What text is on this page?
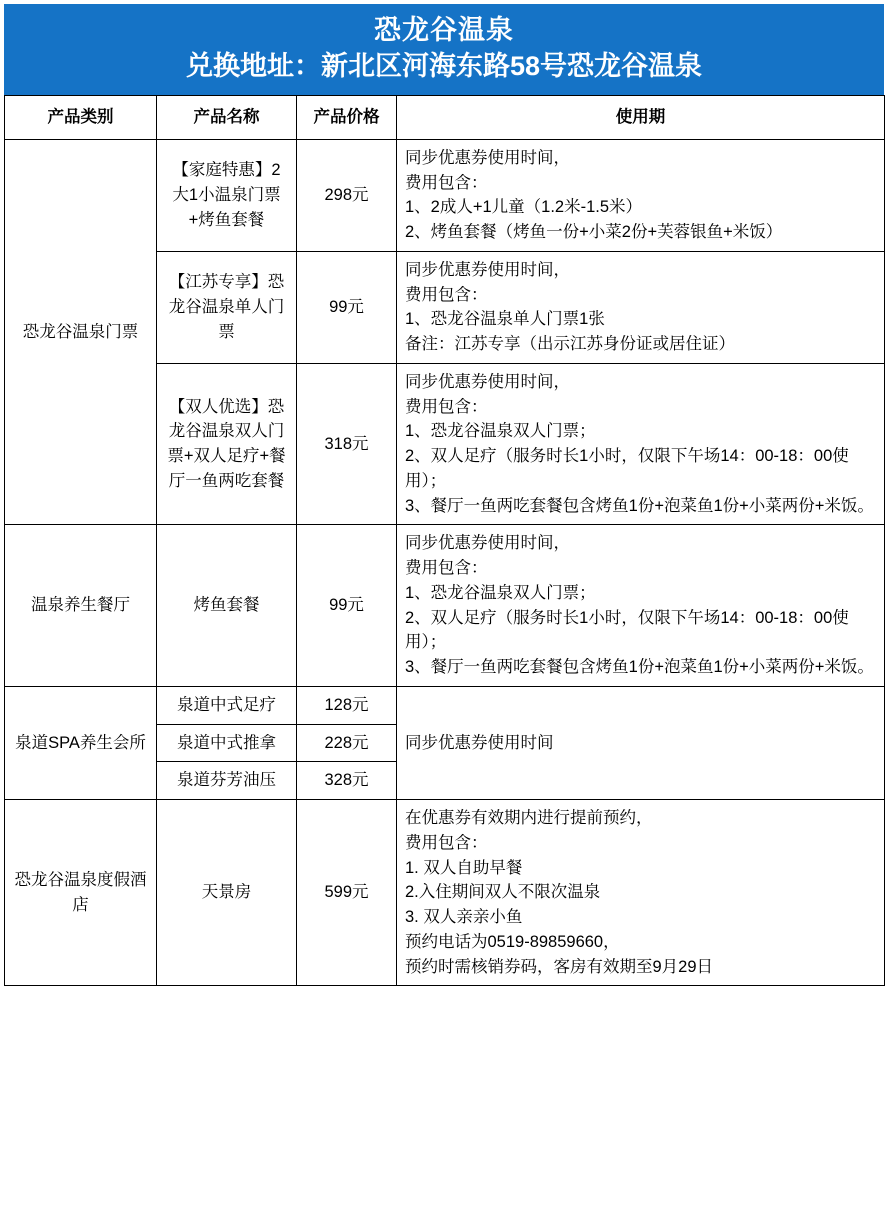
恐龙谷温泉
兑换地址：新北区河海东路58号恐龙谷温泉
产品类别	产品名称	产品价格	使用期
恐龙谷温泉门票	【家庭特惠】2大1小温泉门票+烤鱼套餐	298元	同步优惠券使用时间，
费用包含：
1、2成人+1儿童（1.2米-1.5米）
2、烤鱼套餐（烤鱼一份+小菜2份+芙蓉银鱼+米饭）

	【江苏专享】恐龙谷温泉单人门票	99元	同步优惠券使用时间，
费用包含：
1、恐龙谷温泉单人门票1张
备注：江苏专享（出示江苏身份证或居住证）

	【双人优选】恐龙谷温泉双人门票+双人足疗+餐厅一鱼两吃套餐	318元	同步优惠券使用时间，
费用包含：
1、恐龙谷温泉双人门票；
2、双人足疗（服务时长1小时，仅限下午场14：00-18：00使用）；
3、餐厅一鱼两吃套餐包含烤鱼1份+泡菜鱼1份+小菜两份+米饭。

温泉养生餐厅	烤鱼套餐	99元	同步优惠券使用时间，
费用包含：
1、恐龙谷温泉双人门票；
2、双人足疗（服务时长1小时，仅限下午场14：00-18：00使用）；
3、餐厅一鱼两吃套餐包含烤鱼1份+泡菜鱼1份+小菜两份+米饭。

泉道SPA养生会所	泉道中式足疗	128元	同步优惠券使用时间
	泉道中式推拿	228元	
	泉道芬芳油压	328元	
恐龙谷温泉度假酒店	天景房	599元	
在优惠券有效期内进行提前预约，
费用包含：
1. 双人自助早餐
2.入住期间双人不限次温泉
3. 双人亲亲小鱼
预约电话为0519-89859660，
预约时需核销券码，客房有效期至9月29日
